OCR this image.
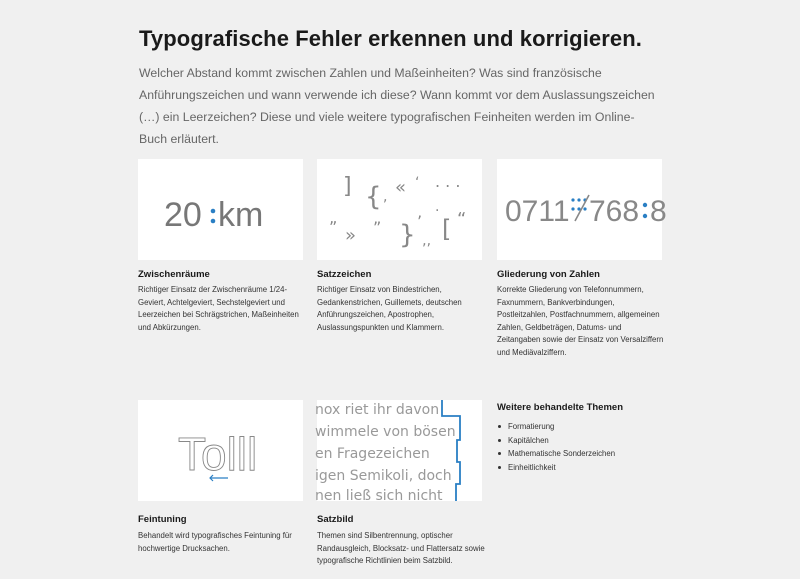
Typografische Fehler erkennen und korrigieren.
Welcher Abstand kommt zwischen Zahlen und Maßeinheiten? Was sind französische Anführungszeichen und wann verwende ich diese? Wann kommt vor dem Auslassungszeichen (…) ein Leerzeichen? Diese und viele weitere typografischen Feinheiten werden im Online-Buch erläutert.
20 km
Zwischenräume
Richtiger Einsatz der Zwischenräume 1/24-Geviert, Achtelgeviert, Sechstelgeviert und Leerzeichen bei Schrägstrichen, Maßeinheiten und Abkürzungen.
] { , « ‘ . . .
„
» ” } ’
‚‚
.
[ “
Satzzeichen
Richtiger Einsatz von Bindestrichen, Gedankenstrichen, Guillemets, deutschen Anführungszeichen, Apostrophen, Auslassungspunkten und Klammern.
0711 768 8
Gliederung von Zahlen
Korrekte Gliederung von Telefonnummern, Faxnummern, Bankverbindungen, Postleitzahlen, Postfachnummern, allgemeinen Zahlen, Geldbeträgen, Datums- und Zeitangaben sowie der Einsatz von Versalziffern und Mediävalziffern.
Tolll
Feintuning
Behandelt wird typografisches Feintuning für hochwertige Drucksachen.
nox riet ihr davon
wimmele von bösen
en Fragezeichen
igen Semikoli, doch
nen ließ sich nicht
Satzbild
Themen sind Silbentrennung, optischer Randausgleich, Blocksatz- und Flattersatz sowie typografische Richtlinien beim Satzbild.
Weitere behandelte Themen
Formatierung
Kapitälchen
Mathematische Sonderzeichen
Einheitlichkeit
